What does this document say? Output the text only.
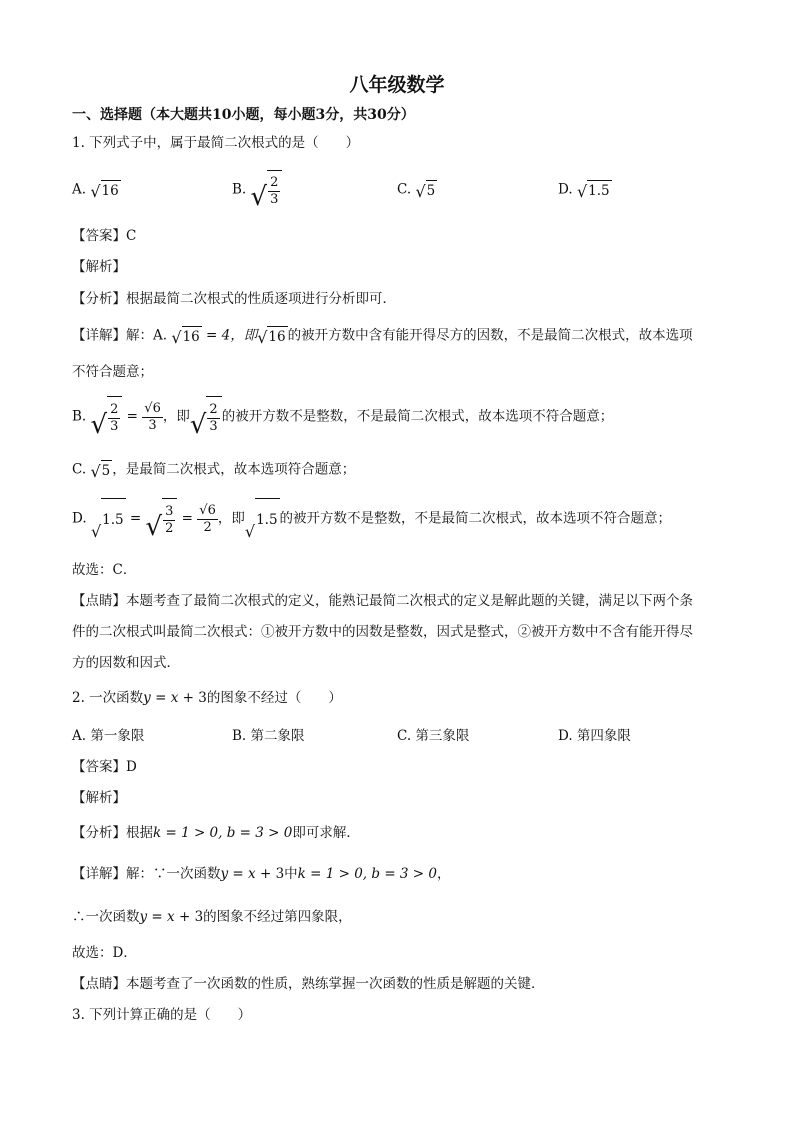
八年级数学
一、选择题（本大题共10小题，每小题3分，共30分）
1. 下列式子中，属于最简二次根式的是（　　）
A. √ 16	B. √ $\frac{2}{3}$	C. √ 5	D. √ 1.5
【答案】C
【解析】
【分析】根据最简二次根式的性质逐项进行分析即可．
【详解】解：A. √ 16 = 4，即 √ 16 的被开方数中含有能开得尽方的因数，不是最简二次根式，故本选项
不符合题意；
B. √ $\frac{2}{3} = \frac{√6}{3}$ ，即 √ $\frac{2}{3}$ 的被开方数不是整数，不是最简二次根式，故本选项不符合题意；
C. √ 5 ，是最简二次根式，故本选项符合题意；
D.
√
1.5 = √ $\frac{3}{2} = \frac{√6}{2}$ ，即
√
1.5 的被开方数不是整数，不是最简二次根式，故本选项不符合题意；
故选：C．
【点睛】本题考查了最简二次根式的定义，能熟记最简二次根式的定义是解此题的关键，满足以下两个条
件的二次根式叫最简二次根式：①被开方数中的因数是整数，因式是整式，②被开方数中不含有能开得尽
方的因数和因式．
2. 一次函数y = x + 3的图象不经过（　　）
A. 第一象限	B. 第二象限	C. 第三象限	D. 第四象限
【答案】D
【解析】
【分析】根据k = 1 > 0, b = 3 > 0即可求解．
【详解】解：∵一次函数y = x + 3中k = 1 > 0, b = 3 > 0，
∴一次函数y = x + 3的图象不经过第四象限，
故选：D．
【点睛】本题考查了一次函数的性质，熟练掌握一次函数的性质是解题的关键．
3. 下列计算正确的是（　　）
